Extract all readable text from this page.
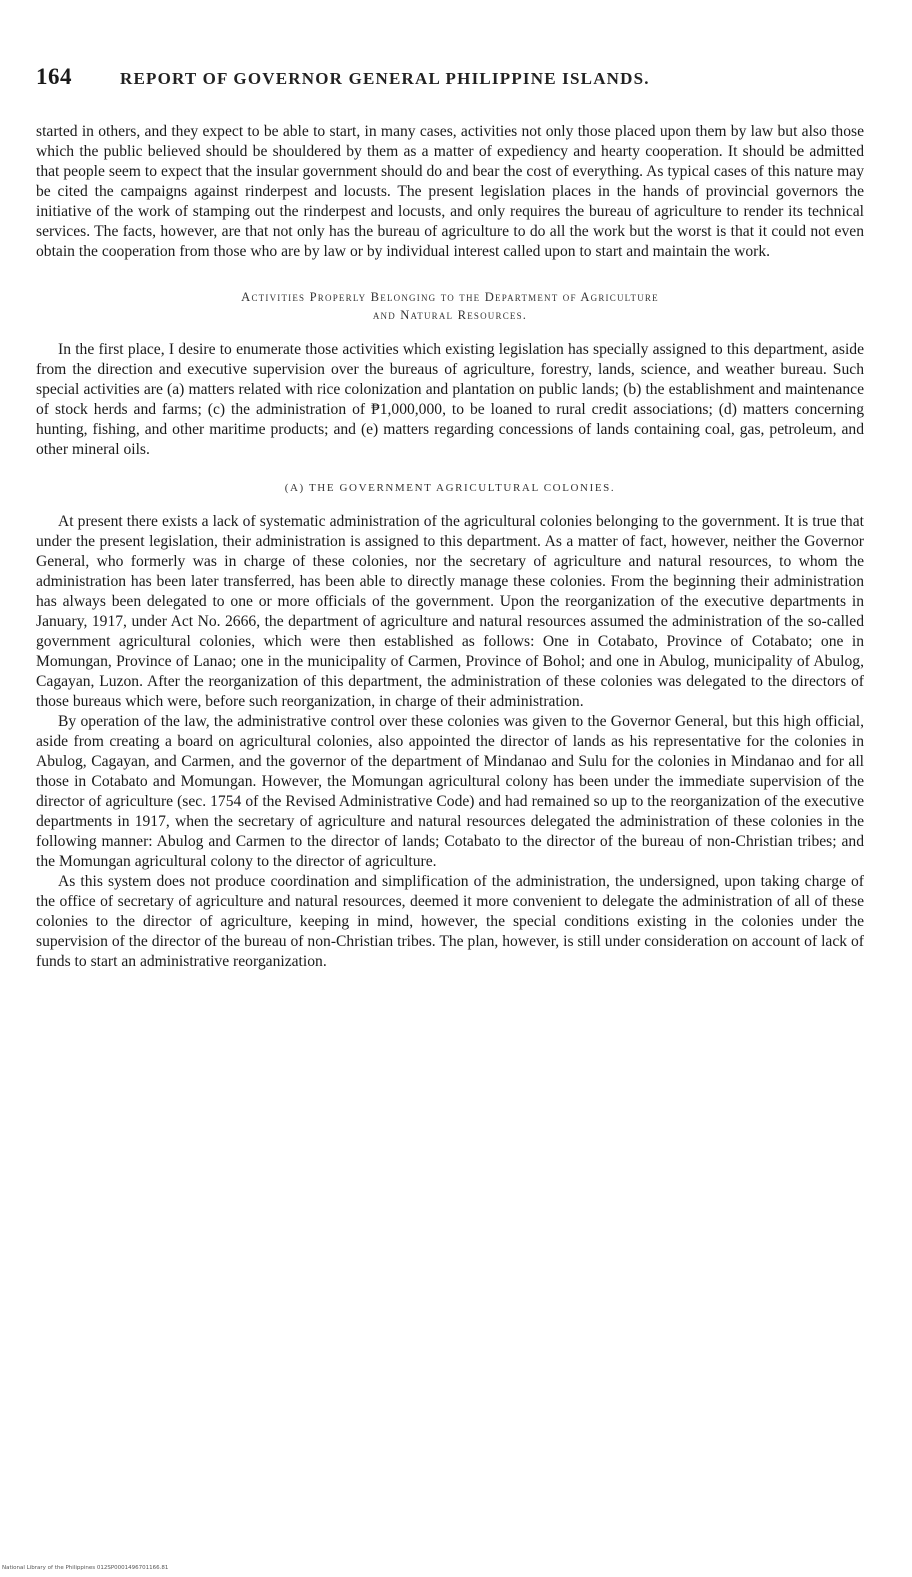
164	REPORT OF GOVERNOR GENERAL PHILIPPINE ISLANDS.

started in others, and they expect to be able to start, in many cases, activities not only those placed upon them by law but also those which the public believed should be shouldered by them as a matter of expediency and hearty cooperation. It should be admitted that people seem to expect that the insular government should do and bear the cost of everything. As typical cases of this nature may be cited the campaigns against rinderpest and locusts. The present legislation places in the hands of provincial governors the initiative of the work of stamping out the rinderpest and locusts, and only requires the bureau of agriculture to render its technical services. The facts, however, are that not only has the bureau of agriculture to do all the work but the worst is that it could not even obtain the cooperation from those who are by law or by individual interest called upon to start and maintain the work.

Activities Properly Belonging to the Department of Agriculture
and Natural Resources.

In the first place, I desire to enumerate those activities which existing legislation has specially assigned to this department, aside from the direction and executive supervision over the bureaus of agriculture, forestry, lands, science, and weather bureau. Such special activities are (a) matters related with rice colonization and plantation on public lands; (b) the establishment and maintenance of stock herds and farms; (c) the administration of ₱1,000,000, to be loaned to rural credit associations; (d) matters concerning hunting, fishing, and other maritime products; and (e) matters regarding concessions of lands containing coal, gas, petroleum, and other mineral oils.

(A) THE GOVERNMENT AGRICULTURAL COLONIES.

At present there exists a lack of systematic administration of the agricultural colonies belonging to the government. It is true that under the present legislation, their administration is assigned to this department. As a matter of fact, however, neither the Governor General, who formerly was in charge of these colonies, nor the secretary of agriculture and natural resources, to whom the administration has been later transferred, has been able to directly manage these colonies. From the beginning their administration has always been delegated to one or more officials of the government. Upon the reorganization of the executive departments in January, 1917, under Act No. 2666, the department of agriculture and natural resources assumed the administration of the so-called government agricultural colonies, which were then established as follows: One in Cotabato, Province of Cotabato; one in Momungan, Province of Lanao; one in the municipality of Carmen, Province of Bohol; and one in Abulog, municipality of Abulog, Cagayan, Luzon. After the reorganization of this department, the administration of these colonies was delegated to the directors of those bureaus which were, before such reorganization, in charge of their administration.

By operation of the law, the administrative control over these colonies was given to the Governor General, but this high official, aside from creating a board on agricultural colonies, also appointed the director of lands as his representative for the colonies in Abulog, Cagayan, and Carmen, and the governor of the department of Mindanao and Sulu for the colonies in Mindanao and for all those in Cotabato and Momungan. However, the Momungan agricultural colony has been under the immediate supervision of the director of agriculture (sec. 1754 of the Revised Administrative Code) and had remained so up to the reorganization of the executive departments in 1917, when the secretary of agriculture and natural resources delegated the administration of these colonies in the following manner: Abulog and Carmen to the director of lands; Cotabato to the director of the bureau of non-Christian tribes; and the Momungan agricultural colony to the director of agriculture.

As this system does not produce coordination and simplification of the administration, the undersigned, upon taking charge of the office of secretary of agriculture and natural resources, deemed it more convenient to delegate the administration of all of these colonies to the director of agriculture, keeping in mind, however, the special conditions existing in the colonies under the supervision of the director of the bureau of non-Christian tribes. The plan, however, is still under consideration on account of lack of funds to start an administrative reorganization.

National Library of the Philippines 012SP0001496701166.81
